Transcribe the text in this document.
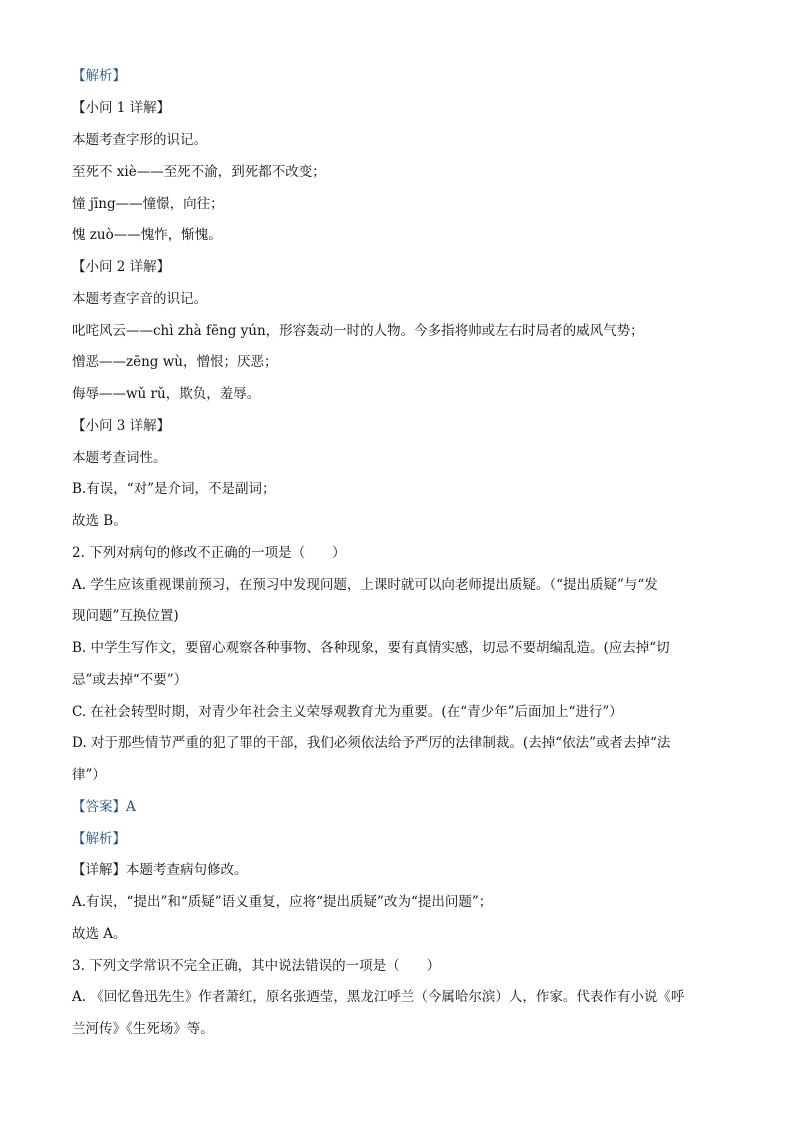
【解析】
【小问 1 详解】
本题考查字形的识记。
至死不 xiè——至死不渝，到死都不改变；
憧 jīng——憧憬，向往；
愧 zuò——愧怍，惭愧。
【小问 2 详解】
本题考查字音的识记。
叱咤风云——chì zhà fēng yún，形容轰动一时的人物。今多指将帅或左右时局者的威风气势；
憎恶——zēng wù，憎恨；厌恶；
侮辱——wǔ rǔ，欺负，羞辱。
【小问 3 详解】
本题考查词性。
B.有误，“对”是介词，不是副词；
故选 B。
2. 下列对病句的修改不正确的一项是（　　）
A. 学生应该重视课前预习，在预习中发现问题，上课时就可以向老师提出质疑。（“提出质疑”与“发
现问题”互换位置)
B. 中学生写作文，要留心观察各种事物、各种现象，要有真情实感，切忌不要胡编乱造。(应去掉“切
忌”或去掉“不要”）
C. 在社会转型时期，对青少年社会主义荣辱观教育尤为重要。(在“青少年”后面加上“进行”）
D. 对于那些情节严重的犯了罪的干部，我们必须依法给予严厉的法律制裁。(去掉“依法”或者去掉“法
律”）
【答案】A
【解析】
【详解】本题考查病句修改。
A.有误，“提出”和“质疑”语义重复，应将“提出质疑”改为“提出问题”；
故选 A。
3. 下列文学常识不完全正确，其中说法错误的一项是（　　）
A. 《回忆鲁迅先生》作者萧红，原名张迺莹，黑龙江呼兰（今属哈尔滨）人，作家。代表作有小说《呼
兰河传》《生死场》等。
